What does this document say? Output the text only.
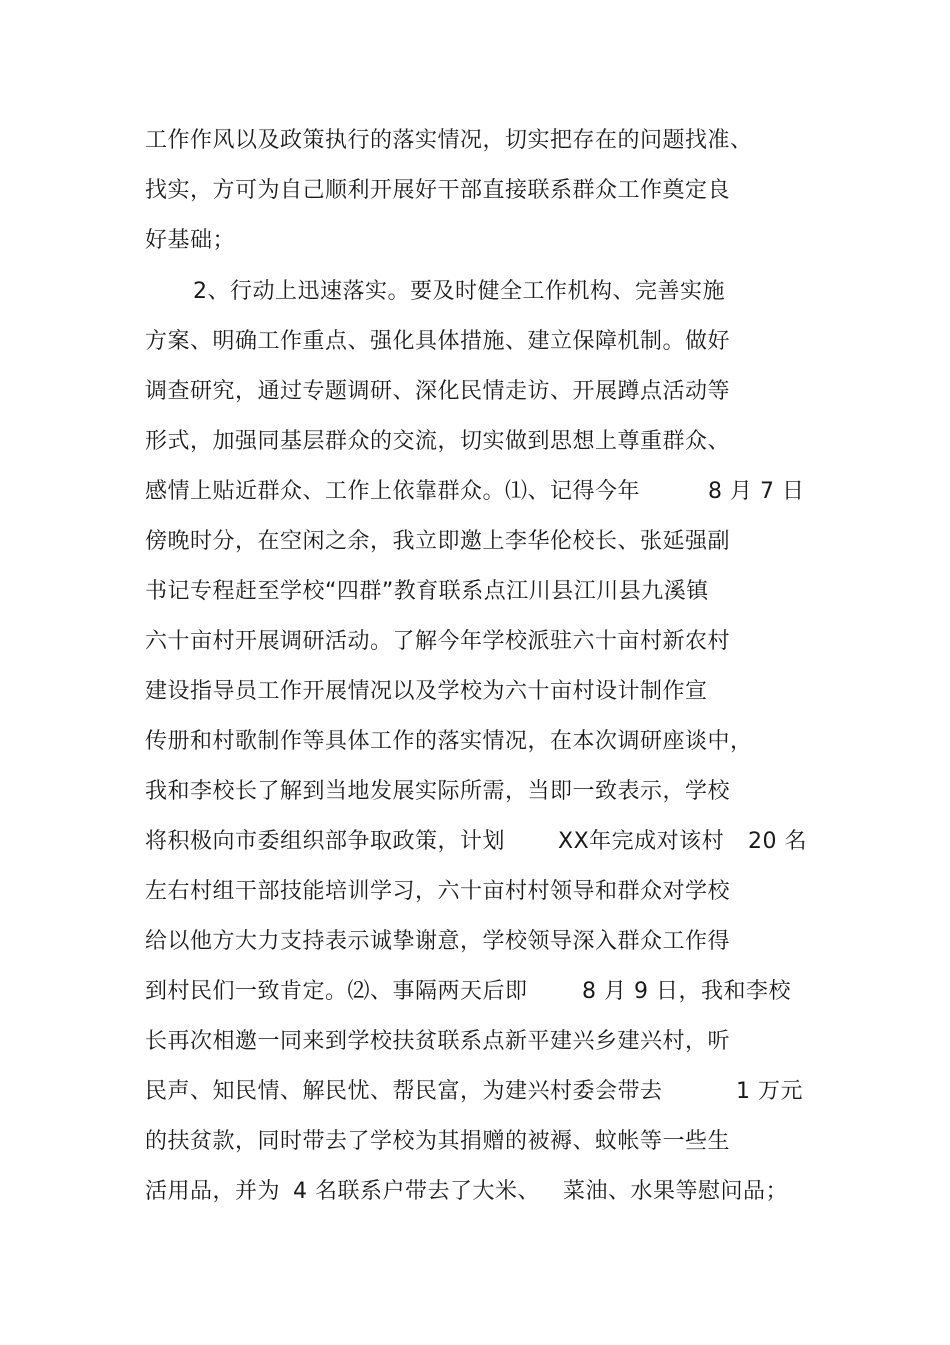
工作作风以及政策执行的落实情况，切实把存在的问题找准、
找实，方可为自己顺利开展好干部直接联系群众工作奠定良
好基础；
2、行动上迅速落实。要及时健全工作机构、完善实施
方案、明确工作重点、强化具体措施、建立保障机制。做好
调查研究，通过专题调研、深化民情走访、开展蹲点活动等
形式，加强同基层群众的交流，切实做到思想上尊重群众、

感情上贴近群众、工作上依靠群众。⑴、记得今年

	8 月 7 日

傍晚时分，在空闲之余，我立即邀上李华伦校长、张延强副
书记专程赶至学校“四群”教育联系点江川县江川县九溪镇
六十亩村开展调研活动。了解今年学校派驻六十亩村新农村
建设指导员工作开展情况以及学校为六十亩村设计制作宣
传册和村歌制作等具体工作的落实情况，在本次调研座谈中，
我和李校长了解到当地发展实际所需，当即一致表示，学校

将积极向市委组织部争取政策，计划

XX年完成对该村

20 名

左右村组干部技能培训学习，六十亩村村领导和群众对学校
给以他方大力支持表示诚挚谢意，学校领导深入群众工作得

到村民们一致肯定。⑵、事隔两天后即

8 月 9 日，我和李校

长再次相邀一同来到学校扶贫联系点新平建兴乡建兴村，听

民声、知民情、解民忧、帮民富，为建兴村委会带去

	1 万元

的扶贫款，同时带去了学校为其捐赠的被褥、蚊帐等一些生

活用品，并为

4 名联系户带去了大米、

菜油、水果等慰问品；
